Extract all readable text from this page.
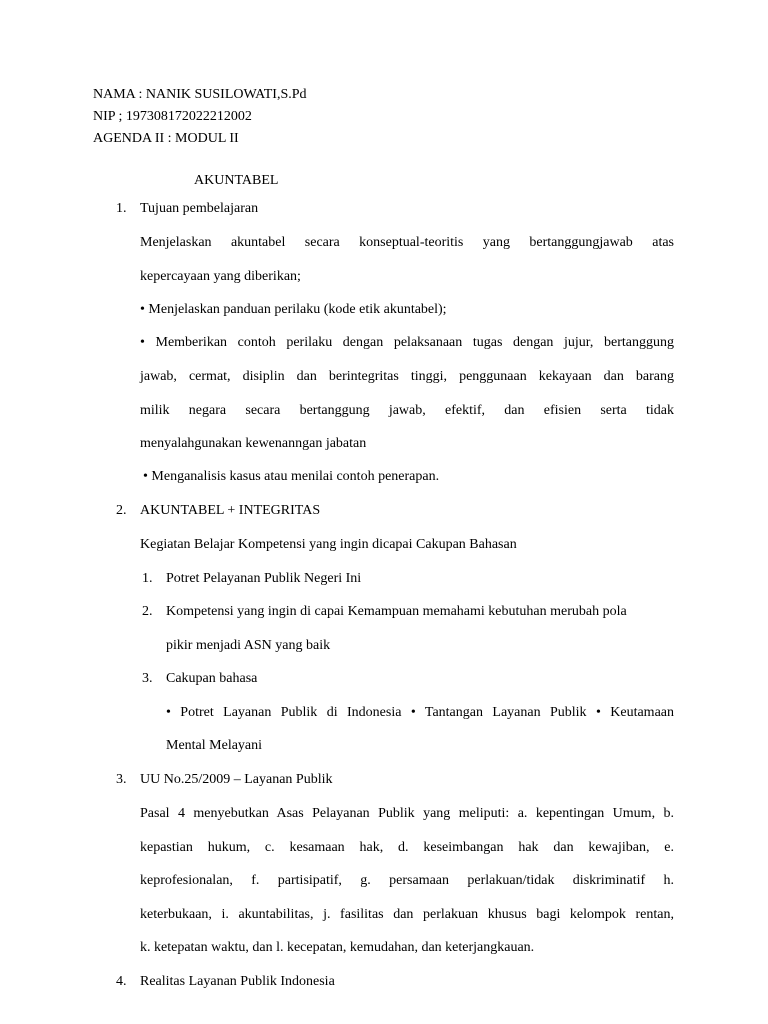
NAMA : NANIK SUSILOWATI,S.Pd
NIP ; 197308172022212002
AGENDA II : MODUL II
AKUNTABEL
1. Tujuan pembelajaran
Menjelaskan akuntabel secara konseptual-teoritis yang bertanggungjawab atas
kepercayaan yang diberikan;
• Menjelaskan panduan perilaku (kode etik akuntabel);
• Memberikan contoh perilaku dengan pelaksanaan tugas dengan jujur, bertanggung
jawab, cermat, disiplin dan berintegritas tinggi, penggunaan kekayaan dan barang
milik negara secara bertanggung jawab, efektif, dan efisien serta tidak
menyalahgunakan kewenanngan jabatan
• Menganalisis kasus atau menilai contoh penerapan.
2. AKUNTABEL + INTEGRITAS
Kegiatan Belajar Kompetensi yang ingin dicapai Cakupan Bahasan
1. Potret Pelayanan Publik Negeri Ini
2. Kompetensi yang ingin di capai Kemampuan memahami kebutuhan merubah pola
pikir menjadi ASN yang baik
3. Cakupan bahasa
• Potret Layanan Publik di Indonesia • Tantangan Layanan Publik • Keutamaan
Mental Melayani
3. UU No.25/2009 – Layanan Publik
Pasal 4 menyebutkan Asas Pelayanan Publik yang meliputi: a. kepentingan Umum, b.
kepastian hukum, c. kesamaan hak, d. keseimbangan hak dan kewajiban, e.
keprofesionalan, f. partisipatif, g. persamaan perlakuan/tidak diskriminatif h.
keterbukaan, i. akuntabilitas, j. fasilitas dan perlakuan khusus bagi kelompok rentan,
k. ketepatan waktu, dan l. kecepatan, kemudahan, dan keterjangkauan.
4. Realitas Layanan Publik Indonesia
